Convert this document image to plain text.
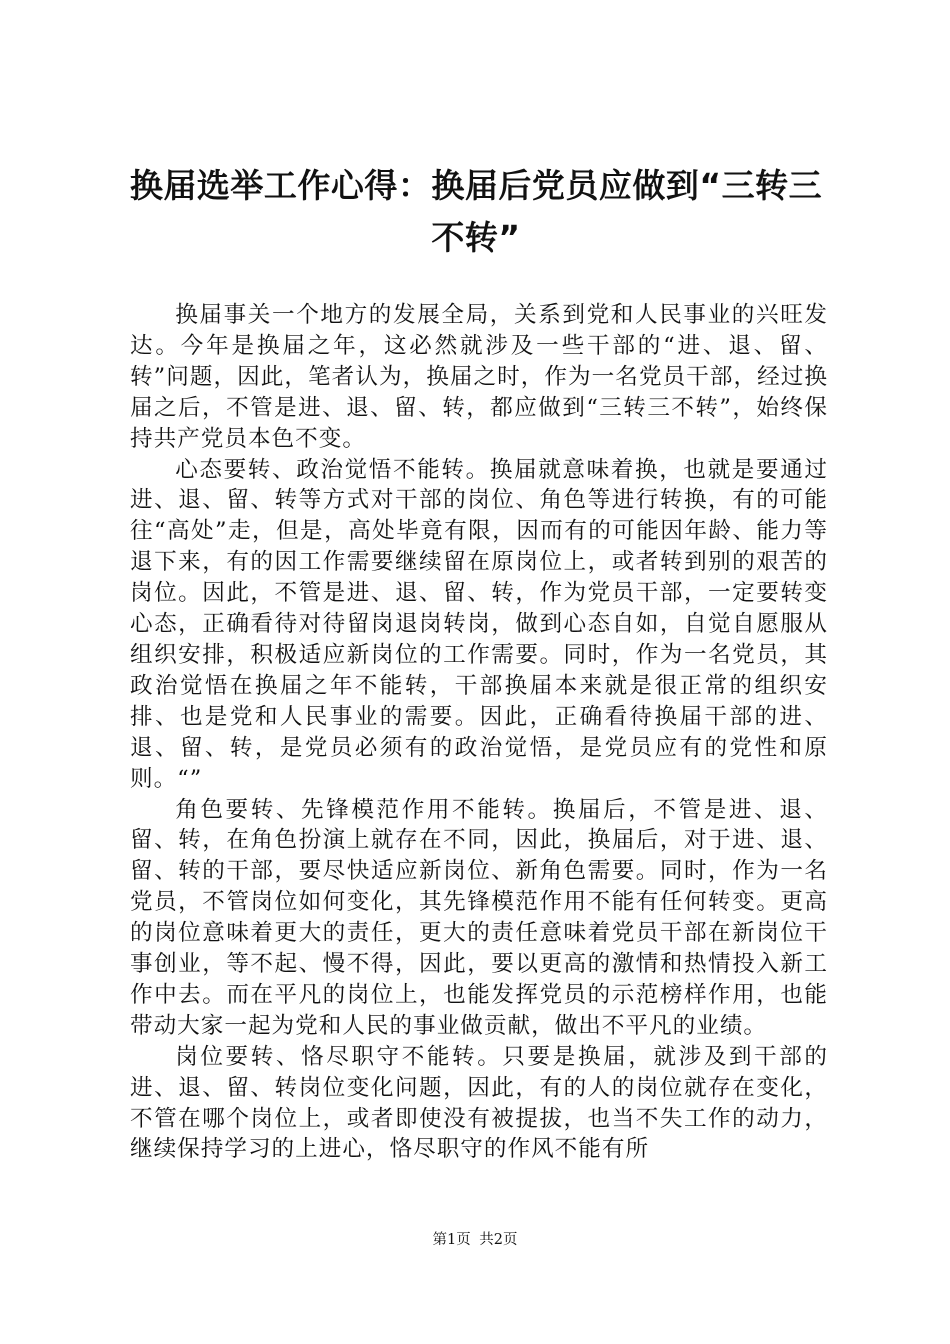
换届选举工作心得：换届后党员应做到“三转三不转”

换届事关一个地方的发展全局，关系到党和人民事业的兴旺发达。今年是换届之年，这必然就涉及一些干部的“进、退、留、转”问题，因此，笔者认为，换届之时，作为一名党员干部，经过换届之后，不管是进、退、留、转，都应做到“三转三不转”，始终保持共产党员本色不变。

心态要转、政治觉悟不能转。换届就意味着换，也就是要通过进、退、留、转等方式对干部的岗位、角色等进行转换，有的可能往“高处”走，但是，高处毕竟有限，因而有的可能因年龄、能力等退下来，有的因工作需要继续留在原岗位上，或者转到别的艰苦的岗位。因此，不管是进、退、留、转，作为党员干部，一定要转变心态，正确看待对待留岗退岗转岗，做到心态自如，自觉自愿服从组织安排，积极适应新岗位的工作需要。同时，作为一名党员，其政治觉悟在换届之年不能转，干部换届本来就是很正常的组织安排、也是党和人民事业的需要。因此，正确看待换届干部的进、退、留、转，是党员必须有的政治觉悟，是党员应有的党性和原则。“”

角色要转、先锋模范作用不能转。换届后，不管是进、退、留、转，在角色扮演上就存在不同，因此，换届后，对于进、退、留、转的干部，要尽快适应新岗位、新角色需要。同时，作为一名党员，不管岗位如何变化，其先锋模范作用不能有任何转变。更高的岗位意味着更大的责任，更大的责任意味着党员干部在新岗位干事创业，等不起、慢不得，因此，要以更高的激情和热情投入新工作中去。而在平凡的岗位上，也能发挥党员的示范榜样作用，也能带动大家一起为党和人民的事业做贡献，做出不平凡的业绩。

岗位要转、恪尽职守不能转。只要是换届，就涉及到干部的进、退、留、转岗位变化问题，因此，有的人的岗位就存在变化，不管在哪个岗位上，或者即使没有被提拔，也当不失工作的动力，继续保持学习的上进心，恪尽职守的作风不能有所

第1页 共2页
